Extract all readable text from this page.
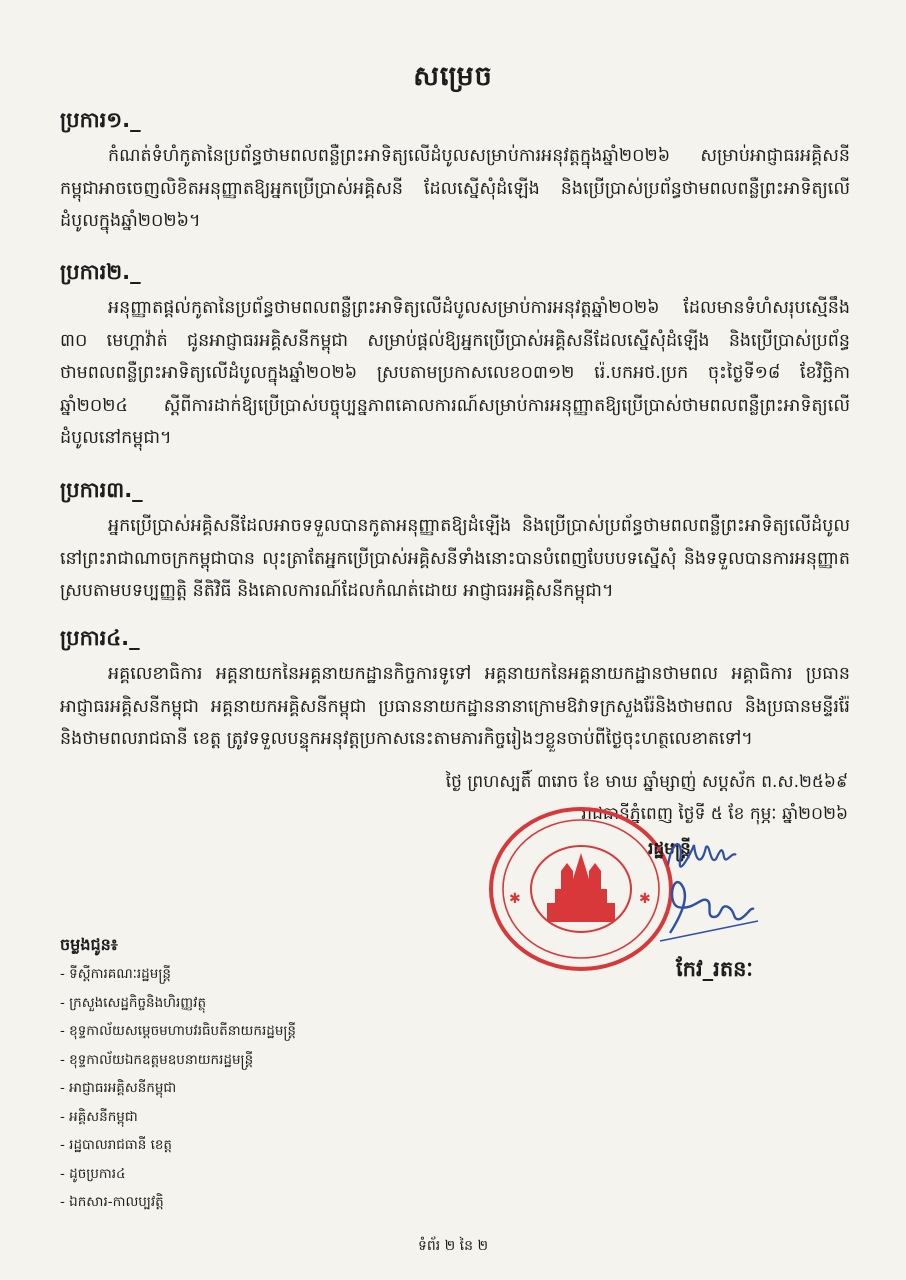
សម្រេច
ប្រការ១._
កំណត់ទំហំកូតានៃប្រព័ន្ធថាមពលពន្លឺព្រះអាទិត្យលើដំបូលសម្រាប់ការអនុវត្តក្នុងឆ្នាំ២០២៦ សម្រាប់អាជ្ញាធរអគ្គិសនីកម្ពុជាអាចចេញលិខិតអនុញ្ញាតឱ្យអ្នកប្រើប្រាស់អគ្គិសនី ដែលស្នើសុំដំឡើង និងប្រើប្រាស់ប្រព័ន្ធថាមពលពន្លឺព្រះអាទិត្យលើដំបូលក្នុងឆ្នាំ២០២៦។
ប្រការ២._
អនុញ្ញាតផ្តល់កូតានៃប្រព័ន្ធថាមពលពន្លឺព្រះអាទិត្យលើដំបូលសម្រាប់ការអនុវត្តឆ្នាំ២០២៦ ដែលមានទំហំសរុបស្មើនឹង ៣០ មេហ្គាវ៉ាត់ ជូនអាជ្ញាធរអគ្គិសនីកម្ពុជា សម្រាប់ផ្តល់ឱ្យអ្នកប្រើប្រាស់អគ្គិសនីដែលស្នើសុំដំឡើង និងប្រើប្រាស់ប្រព័ន្ធថាមពលពន្លឺព្រះអាទិត្យលើដំបូលក្នុងឆ្នាំ២០២៦ ស្របតាមប្រកាសលេខ០៣១២ រ៉េ.បកអថ.ប្រក ចុះថ្ងៃទី១៨ ខែវិច្ឆិកា ឆ្នាំ២០២៤ ស្តីពីការដាក់ឱ្យប្រើប្រាស់បច្ចុប្បន្នភាពគោលការណ៍សម្រាប់ការអនុញ្ញាតឱ្យប្រើប្រាស់ថាមពលពន្លឺព្រះអាទិត្យលើដំបូលនៅកម្ពុជា។
ប្រការ៣._
អ្នកប្រើប្រាស់អគ្គិសនីដែលអាចទទួលបានកូតាអនុញ្ញាតឱ្យដំឡើង និងប្រើប្រាស់ប្រព័ន្ធថាមពលពន្លឺព្រះអាទិត្យលើដំបូលនៅព្រះរាជាណាចក្រកម្ពុជាបាន លុះត្រាតែអ្នកប្រើប្រាស់អគ្គិសនីទាំងនោះបានបំពេញបែបបទស្នើសុំ និងទទួលបានការអនុញ្ញាតស្របតាមបទប្បញ្ញត្តិ នីតិវិធី និងគោលការណ៍ដែលកំណត់ដោយ អាជ្ញាធរអគ្គិសនីកម្ពុជា។
ប្រការ៤._
អគ្គលេខាធិការ អគ្គនាយកនៃអគ្គនាយកដ្ឋានកិច្ចការទូទៅ អគ្គនាយកនៃអគ្គនាយកដ្ឋានថាមពល អគ្គាធិការ ប្រធានអាជ្ញាធរអគ្គិសនីកម្ពុជា អគ្គនាយកអគ្គិសនីកម្ពុជា ប្រធាននាយកដ្ឋាននានាក្រោមឱវាទក្រសួងរ៉ែនិងថាមពល និងប្រធានមន្ទីររ៉ែនិងថាមពលរាជធានី ខេត្ត ត្រូវទទួលបន្ទុកអនុវត្តប្រកាសនេះតាមភារកិច្ចរៀងៗខ្លួនចាប់ពីថ្ងៃចុះហត្ថលេខាតទៅ។
ថ្ងៃ ព្រហស្បតិ៍ ៣រោច ខែ មាឃ ឆ្នាំម្សាញ់ សប្តស័ក ព.ស.២៥៦៩
រាជធានីភ្នំពេញ ថ្ងៃទី ៥ ខែ កុម្ភៈ ឆ្នាំ២០២៦
✱	✱
រដ្ឋមន្ត្រី
កែវ_រតនៈ
ចម្លងជូន៖
- ទីស្តីការគណៈរដ្ឋមន្ត្រី
- ក្រសួងសេដ្ឋកិច្ចនិងហិរញ្ញវត្ថុ
- ខុទ្ទកាល័យសម្តេចមហាបវរធិបតីនាយករដ្ឋមន្ត្រី
- ខុទ្ទកាល័យឯកឧត្តមឧបនាយករដ្ឋមន្ត្រី
- អាជ្ញាធរអគ្គិសនីកម្ពុជា
- អគ្គិសនីកម្ពុជា
- រដ្ឋបាលរាជធានី ខេត្ត
- ដូចប្រការ៤
- ឯកសារ-កាលប្បវត្តិ
ទំព័រ ២ នៃ ២
